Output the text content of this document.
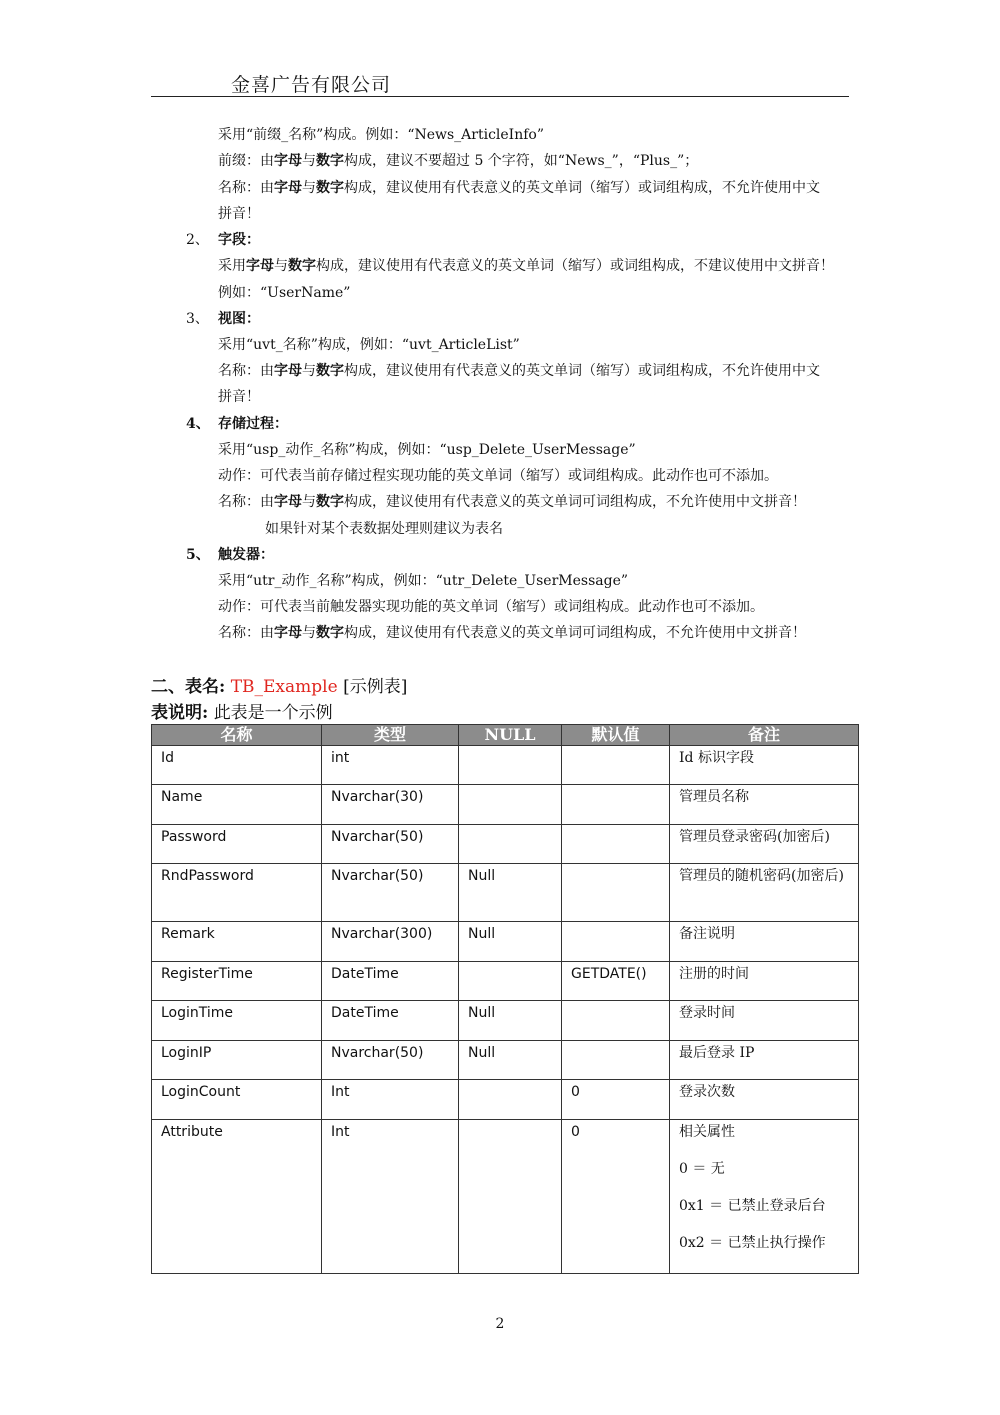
金喜广告有限公司
采用“前缀_名称”构成。例如：“News_ArticleInfo”
前缀：由字母与数字构成，建议不要超过 5 个字符，如“News_”，“Plus_”；
名称：由字母与数字构成，建议使用有代表意义的英文单词（缩写）或词组构成，不允许使用中文
拼音！
2、 字段：
采用字母与数字构成，建议使用有代表意义的英文单词（缩写）或词组构成，不建议使用中文拼音！
例如：“UserName”
3、 视图：
采用“uvt_名称”构成，例如：“uvt_ArticleList”
名称：由字母与数字构成，建议使用有代表意义的英文单词（缩写）或词组构成，不允许使用中文
拼音！
4、 存储过程：
采用“usp_动作_名称”构成，例如：“usp_Delete_UserMessage”
动作：可代表当前存储过程实现功能的英文单词（缩写）或词组构成。此动作也可不添加。
名称：由字母与数字构成，建议使用有代表意义的英文单词可词组构成，不允许使用中文拼音！
如果针对某个表数据处理则建议为表名
5、 触发器：
采用“utr_动作_名称”构成，例如：“utr_Delete_UserMessage”
动作：可代表当前触发器实现功能的英文单词（缩写）或词组构成。此动作也可不添加。
名称：由字母与数字构成，建议使用有代表意义的英文单词可词组构成，不允许使用中文拼音！
二、表名: TB_Example [示例表]
表说明: 此表是一个示例
名称	类型	NULL	默认值	备注
Id	int			Id 标识字段
Name	Nvarchar(30)			管理员名称
Password	Nvarchar(50)			管理员登录密码(加密后)
RndPassword	Nvarchar(50)	Null		管理员的随机密码(加密后)
Remark	Nvarchar(300)	Null		备注说明
RegisterTime	DateTime		GETDATE()	注册的时间
LoginTime	DateTime	Null		登录时间
LoginIP	Nvarchar(50)	Null		最后登录 IP
LoginCount	Int		0	登录次数
Attribute	Int		0	相关属性
0 ＝ 无
0x1 ＝ 已禁止登录后台
0x2 ＝ 已禁止执行操作
2
